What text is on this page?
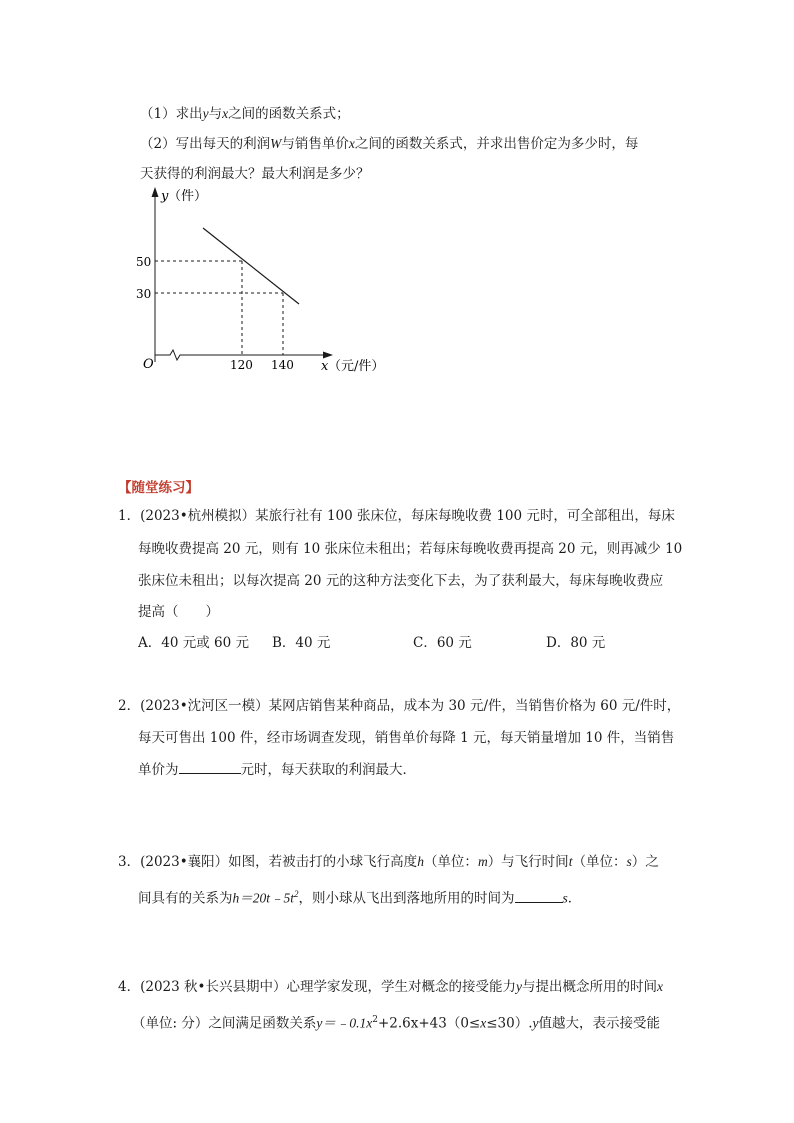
（1）求出y与x之间的函数关系式；
（2）写出每天的利润W与销售单价x之间的函数关系式，并求出售价定为多少时，每
天获得的利润最大？最大利润是多少？
y （件）
50
30
O	120 140 x （元/件）
【随堂练习】
1．(2023•杭州模拟）某旅行社有 100 张床位，每床每晚收费 100 元时，可全部租出，每床
每晚收费提高 20 元，则有 10 张床位未租出；若每床每晚收费再提高 20 元，则再减少 10
张床位未租出；以每次提高 20 元的这种方法变化下去，为了获利最大，每床每晚收费应
提高（　　）
A．40 元或 60 元 B．40 元	C．60 元	D．80 元
2．(2023•沈河区一模）某网店销售某种商品，成本为 30 元/件，当销售价格为 60 元/件时，
每天可售出 100 件，经市场调查发现，销售单价每降 1 元，每天销量增加 10 件，当销售
单价为	元时，每天获取的利润最大．
3．(2023•襄阳）如图，若被击打的小球飞行高度h（单位：m）与飞行时间t（单位：s）之
间具有的关系为$h=20t﹣5t^2$，则小球从飞出到落地所用的时间为	s．
4．(2023 秋•长兴县期中）心理学家发现，学生对概念的接受能力y与提出概念所用的时间x
（单位: 分）之间满足函数关系$y=﹣0.1x^2+2.6x+43(0\le x\le 30).y$值越大，表示接受能
